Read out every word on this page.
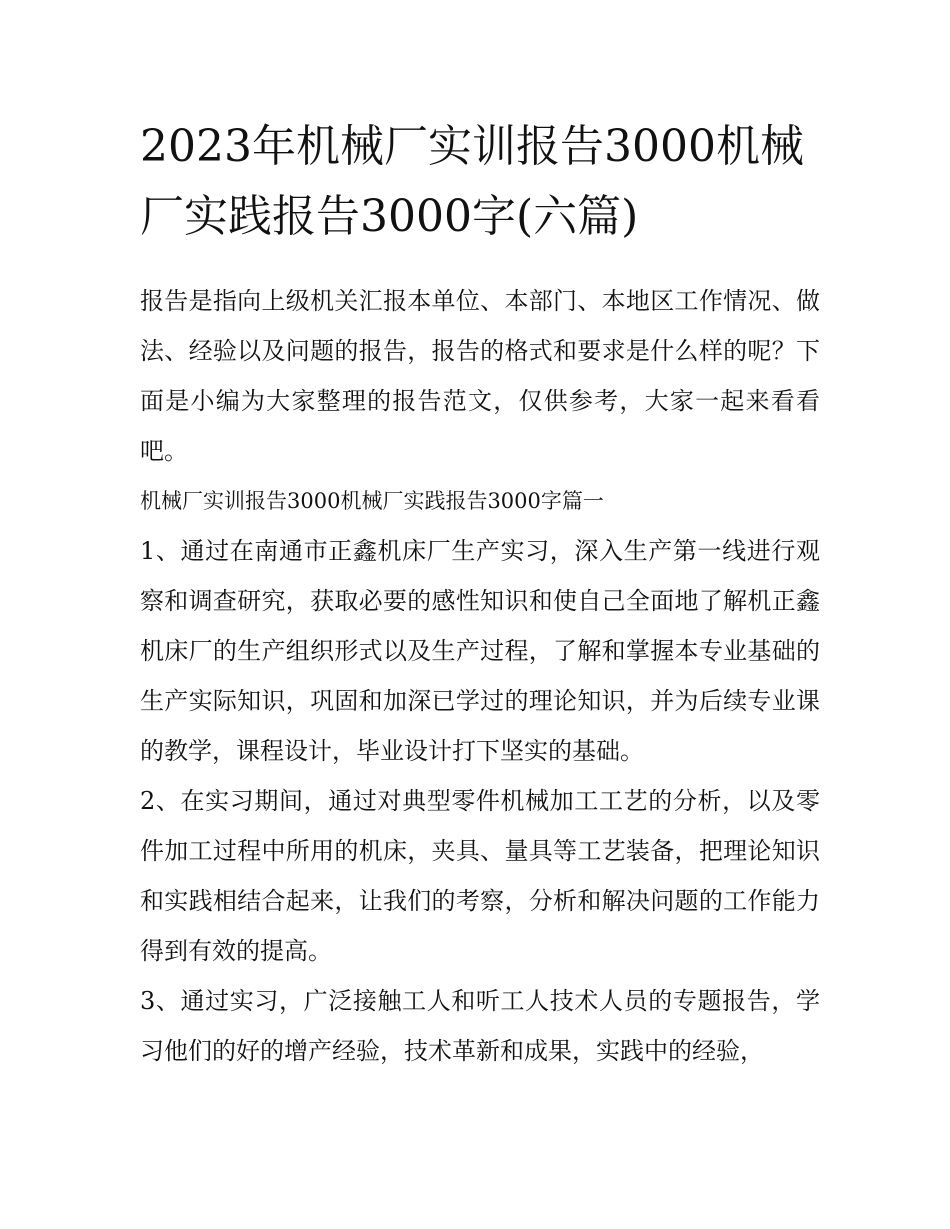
2023年机械厂实训报告3000机械厂实践报告3000字(六篇)

报告是指向上级机关汇报本单位、本部门、本地区工作情况、做法、经验以及问题的报告，报告的格式和要求是什么样的呢？下面是小编为大家整理的报告范文，仅供参考，大家一起来看看吧。

机械厂实训报告3000机械厂实践报告3000字篇一

1、通过在南通市正鑫机床厂生产实习，深入生产第一线进行观察和调查研究，获取必要的感性知识和使自己全面地了解机正鑫机床厂的生产组织形式以及生产过程，了解和掌握本专业基础的生产实际知识，巩固和加深已学过的理论知识，并为后续专业课的教学，课程设计，毕业设计打下坚实的基础。

2、在实习期间，通过对典型零件机械加工工艺的分析，以及零件加工过程中所用的机床，夹具、量具等工艺装备，把理论知识和实践相结合起来，让我们的考察，分析和解决问题的工作能力得到有效的提高。

3、通过实习，广泛接触工人和听工人技术人员的专题报告，学习他们的好的增产经验，技术革新和成果，实践中的经验，
